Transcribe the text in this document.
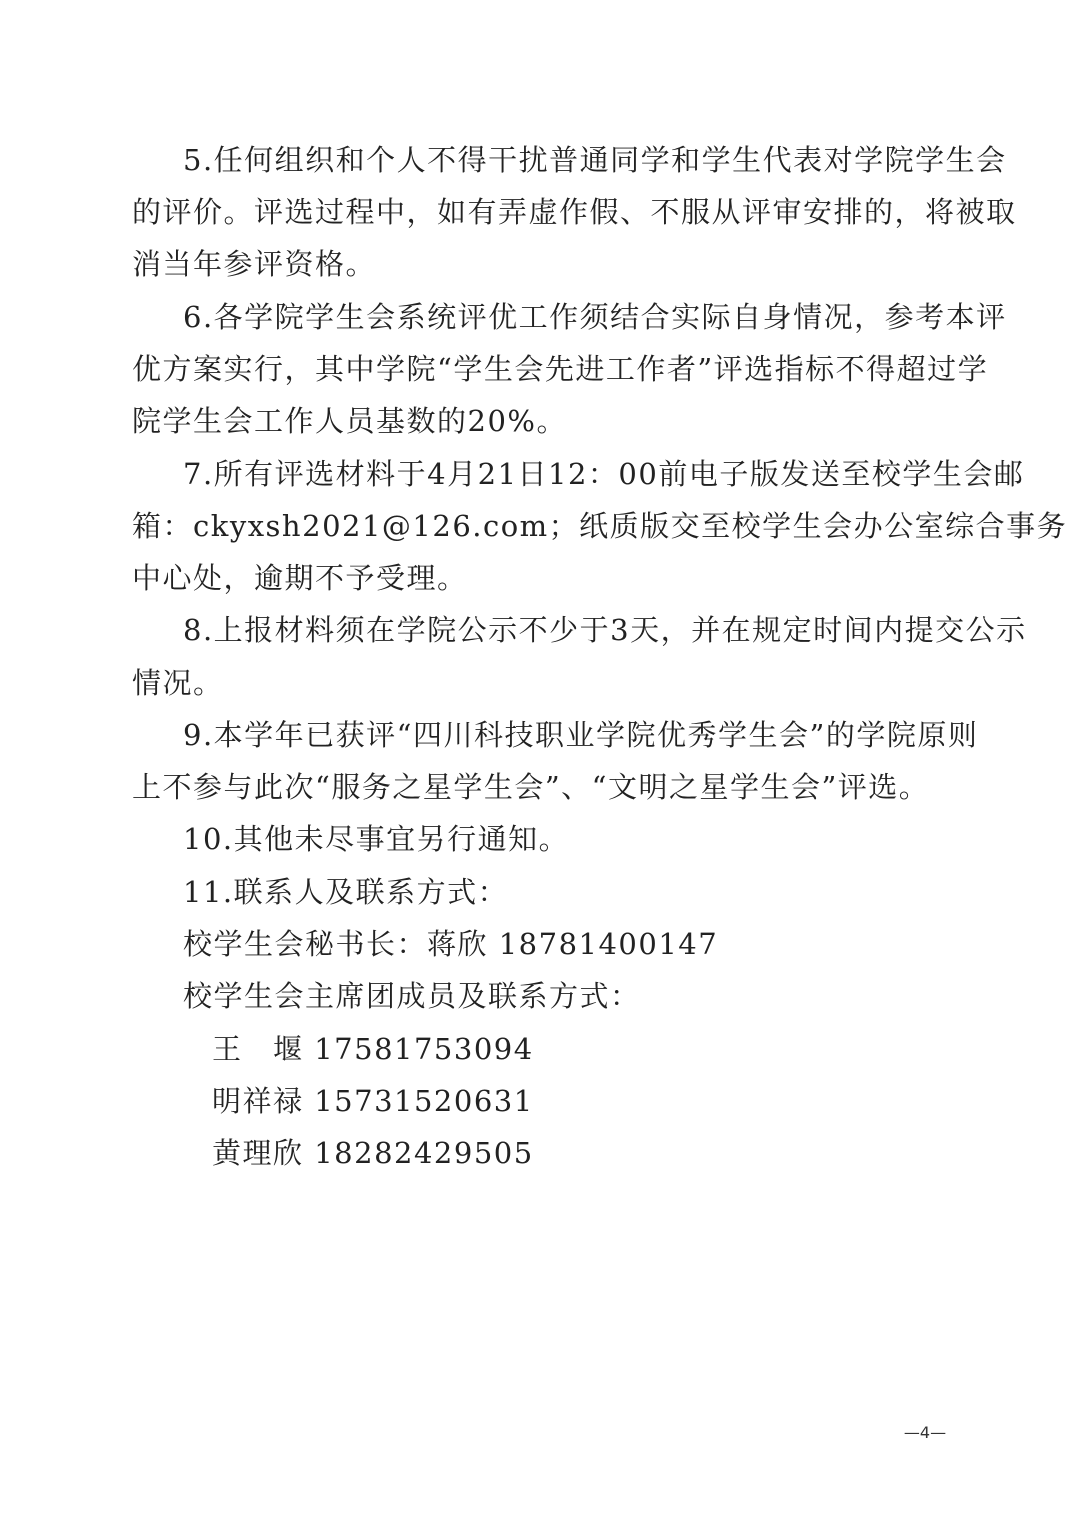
5.任何组织和个人不得干扰普通同学和学生代表对学院学生会
的评价。评选过程中，如有弄虚作假、不服从评审安排的，将被取
消当年参评资格。
6.各学院学生会系统评优工作须结合实际自身情况，参考本评
优方案实行，其中学院“学生会先进工作者”评选指标不得超过学
院学生会工作人员基数的20%。
7.所有评选材料于4月21日12：00前电子版发送至校学生会邮
箱：ckyxsh2021@126.com；纸质版交至校学生会办公室综合事务
中心处，逾期不予受理。
8.上报材料须在学院公示不少于3天，并在规定时间内提交公示
情况。
9.本学年已获评“四川科技职业学院优秀学生会”的学院原则
上不参与此次“服务之星学生会”、“文明之星学生会”评选。
10.其他未尽事宜另行通知。
11.联系人及联系方式：
校学生会秘书长：蒋欣 18781400147
校学生会主席团成员及联系方式：
王　堰 17581753094
明祥禄 15731520631
黄理欣 18282429505
—4—
